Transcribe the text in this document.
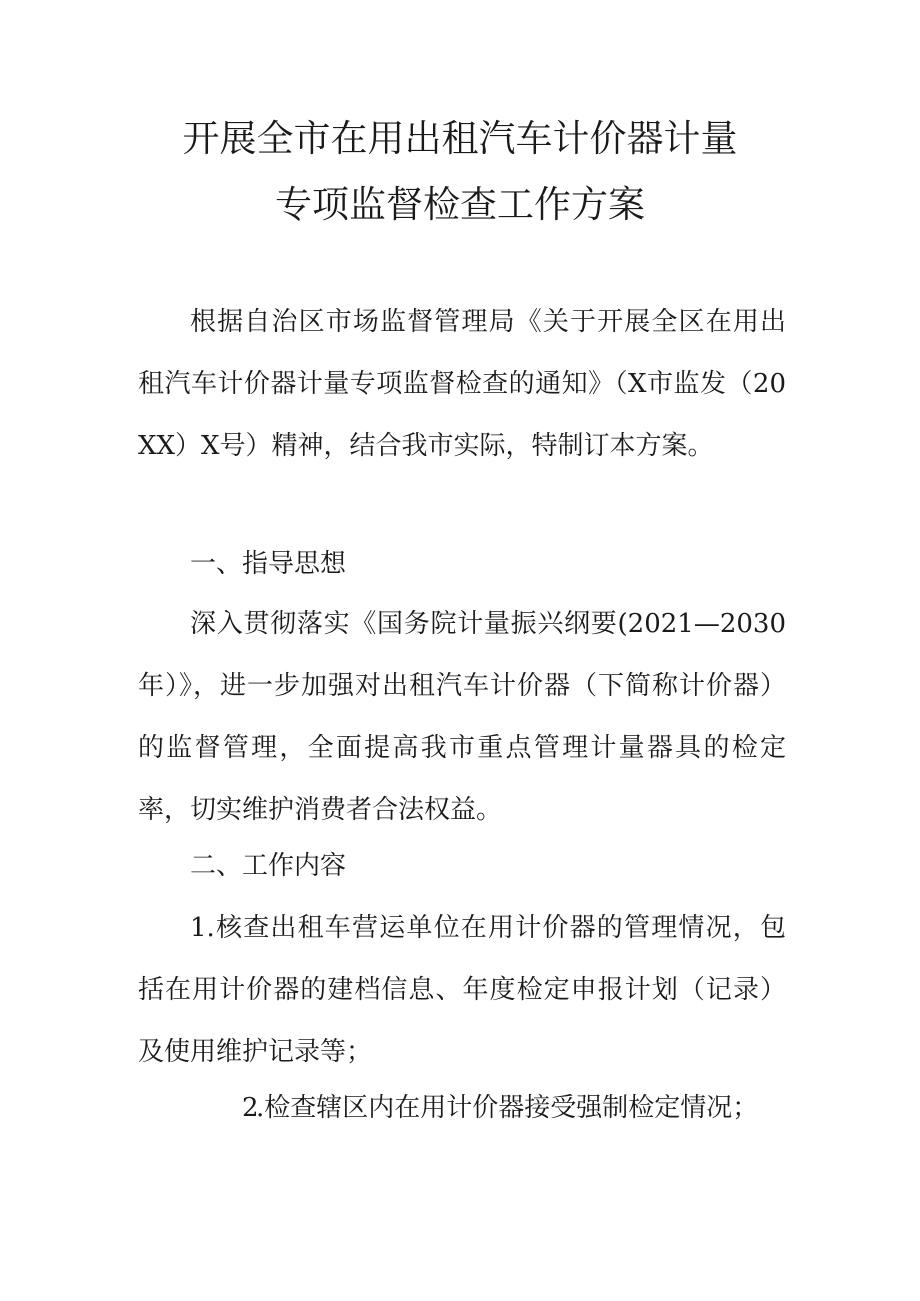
开展全市在用出租汽车计价器计量
专项监督检查工作方案

根据自治区市场监督管理局《关于开展全区在用出租汽车计价器计量专项监督检查的通知》（X市监发（20XX）X号）精神，结合我市实际，特制订本方案。

一、指导思想

深入贯彻落实《国务院计量振兴纲要(2021—2030年）》，进一步加强对出租汽车计价器（下简称计价器）的监督管理，全面提高我市重点管理计量器具的检定率，切实维护消费者合法权益。

二、工作内容

1.核查出租车营运单位在用计价器的管理情况，包括在用计价器的建档信息、年度检定申报计划（记录）及使用维护记录等；

2.检查辖区内在用计价器接受强制检定情况；
